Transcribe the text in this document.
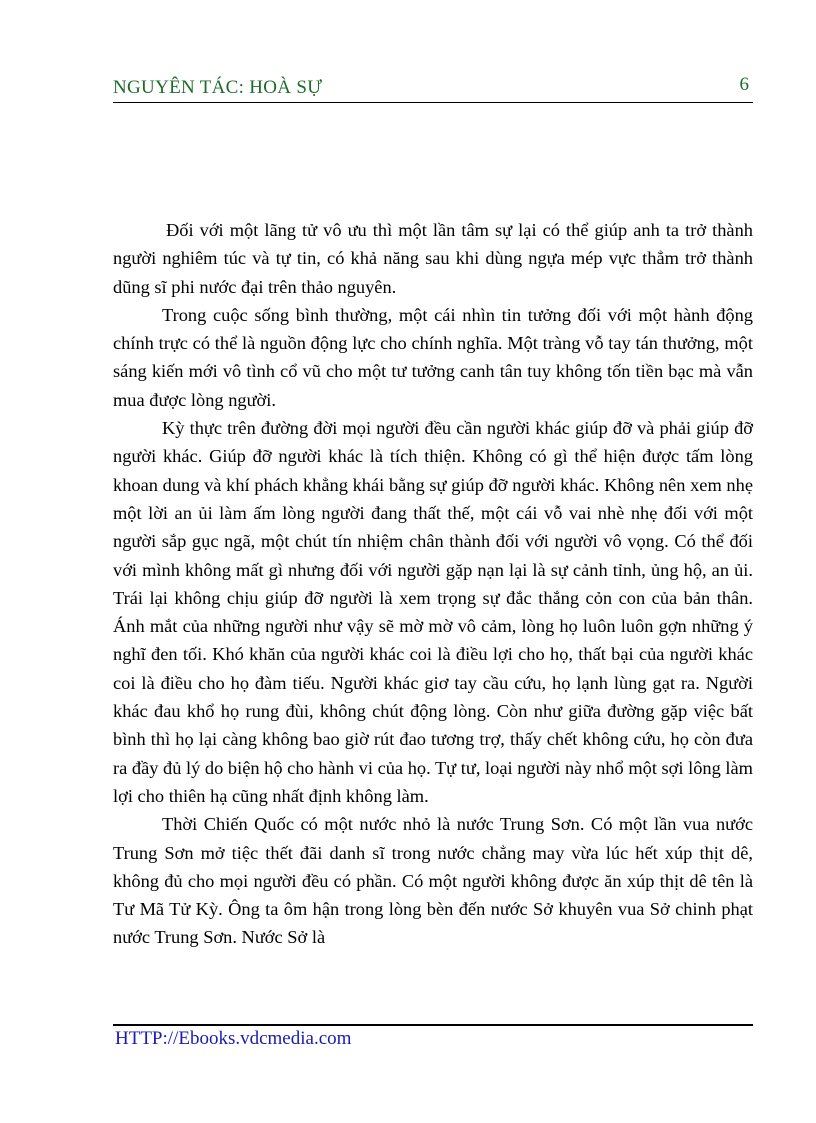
NGUYÊN TÁC: HOÀ SỰ	6

Đối với một lãng tử vô ưu thì một lần tâm sự lại có thể giúp anh ta trở thành người nghiêm túc và tự tin, có khả năng sau khi dùng ngựa mép vực thẳm trở thành dũng sĩ phi nước đại trên thảo nguyên.

Trong cuộc sống bình thường, một cái nhìn tin tưởng đối với một hành động chính trực có thể là nguồn động lực cho chính nghĩa. Một tràng vỗ tay tán thưởng, một sáng kiến mới vô tình cổ vũ cho một tư tưởng canh tân tuy không tốn tiền bạc mà vẫn mua được lòng người.

Kỳ thực trên đường đời mọi người đều cần người khác giúp đỡ và phải giúp đỡ người khác. Giúp đỡ người khác là tích thiện. Không có gì thể hiện được tấm lòng khoan dung và khí phách khẳng khái bằng sự giúp đỡ người khác. Không nên xem nhẹ một lời an ủi làm ấm lòng người đang thất thế, một cái vỗ vai nhè nhẹ đối với một người sắp gục ngã, một chút tín nhiệm chân thành đối với người vô vọng. Có thể đối với mình không mất gì nhưng đối với người gặp nạn lại là sự cảnh tỉnh, ủng hộ, an ủi. Trái lại không chịu giúp đỡ người là xem trọng sự đắc thắng cỏn con của bản thân. Ánh mắt của những người như vậy sẽ mờ mờ vô cảm, lòng họ luôn luôn gợn những ý nghĩ đen tối. Khó khăn của người khác coi là điều lợi cho họ, thất bại của người khác coi là điều cho họ đàm tiếu. Người khác giơ tay cầu cứu, họ lạnh lùng gạt ra. Người khác đau khổ họ rung đùi, không chút động lòng. Còn như giữa đường gặp việc bất bình thì họ lại càng không bao giờ rút đao tương trợ, thấy chết không cứu, họ còn đưa ra đầy đủ lý do biện hộ cho hành vi của họ. Tự tư, loại người này nhổ một sợi lông làm lợi cho thiên hạ cũng nhất định không làm.

Thời Chiến Quốc có một nước nhỏ là nước Trung Sơn. Có một lần vua nước Trung Sơn mở tiệc thết đãi danh sĩ trong nước chẳng may vừa lúc hết xúp thịt dê, không đủ cho mọi người đều có phần. Có một người không được ăn xúp thịt dê tên là Tư Mã Tử Kỳ. Ông ta ôm hận trong lòng bèn đến nước Sở khuyên vua Sở chinh phạt nước Trung Sơn. Nước Sở là

HTTP://Ebooks.vdcmedia.com
